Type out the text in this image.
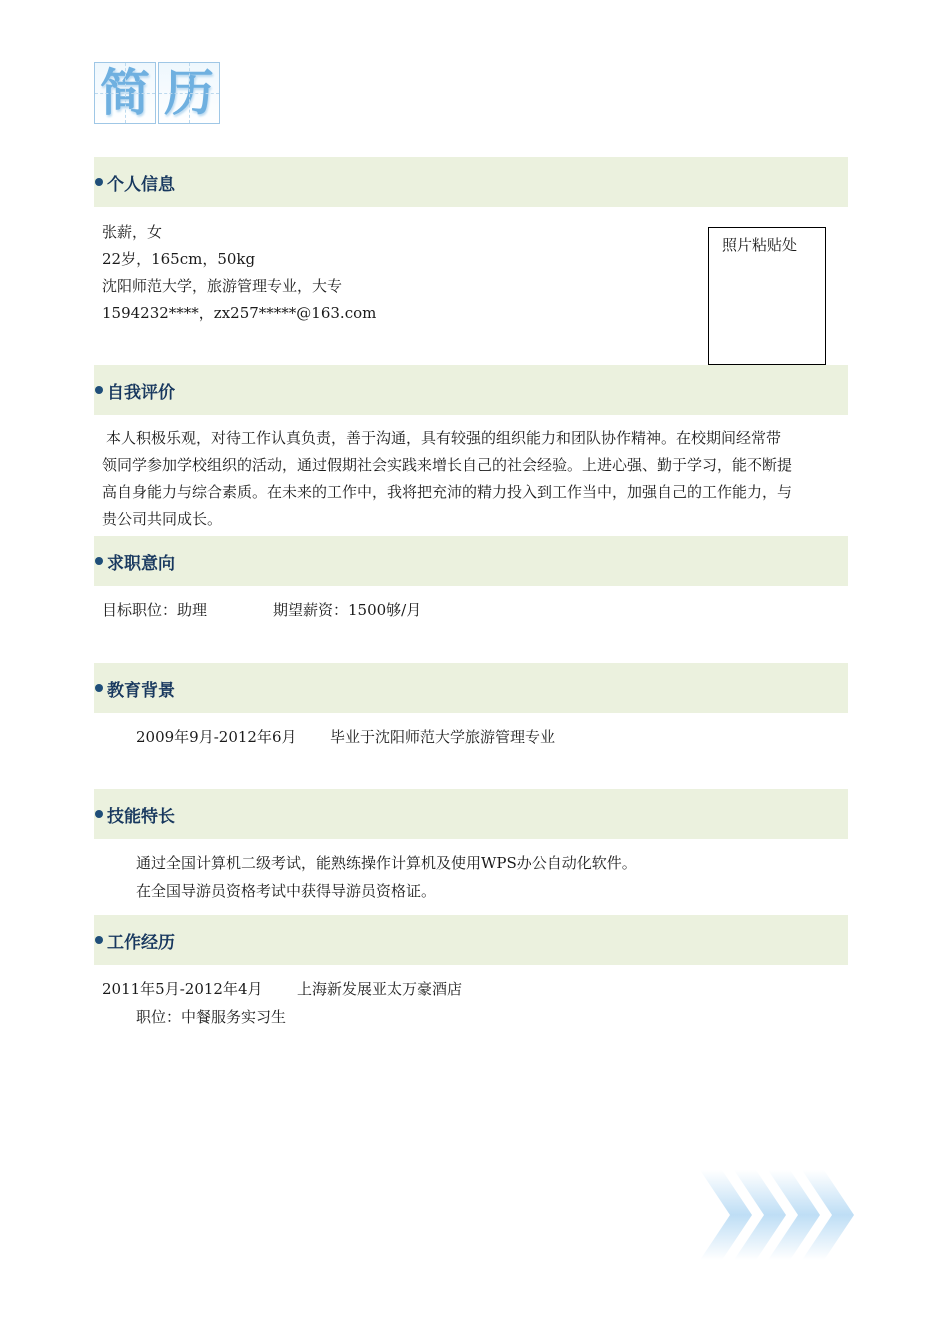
简 历
个人信息
张薪，女
22岁，165cm，50kg
沈阳师范大学，旅游管理专业，大专
1594232****，zx257*****@163.com
照片粘贴处
自我评价
本人积极乐观，对待工作认真负责，善于沟通，具有较强的组织能力和团队协作精神。在校期间经常带
领同学参加学校组织的活动，通过假期社会实践来增长自己的社会经验。上进心强、勤于学习，能不断提
高自身能力与综合素质。在未来的工作中，我将把充沛的精力投入到工作当中，加强自己的工作能力，与
贵公司共同成长。
求职意向
目标职位：助理	期望薪资：1500够/月
教育背景
2009年9月-2012年6月 毕业于沈阳师范大学旅游管理专业
技能特长
通过全国计算机二级考试，能熟练操作计算机及使用WPS办公自动化软件。
在全国导游员资格考试中获得导游员资格证。
工作经历
2011年5月-2012年4月 上海新发展亚太万豪酒店
职位：中餐服务实习生
